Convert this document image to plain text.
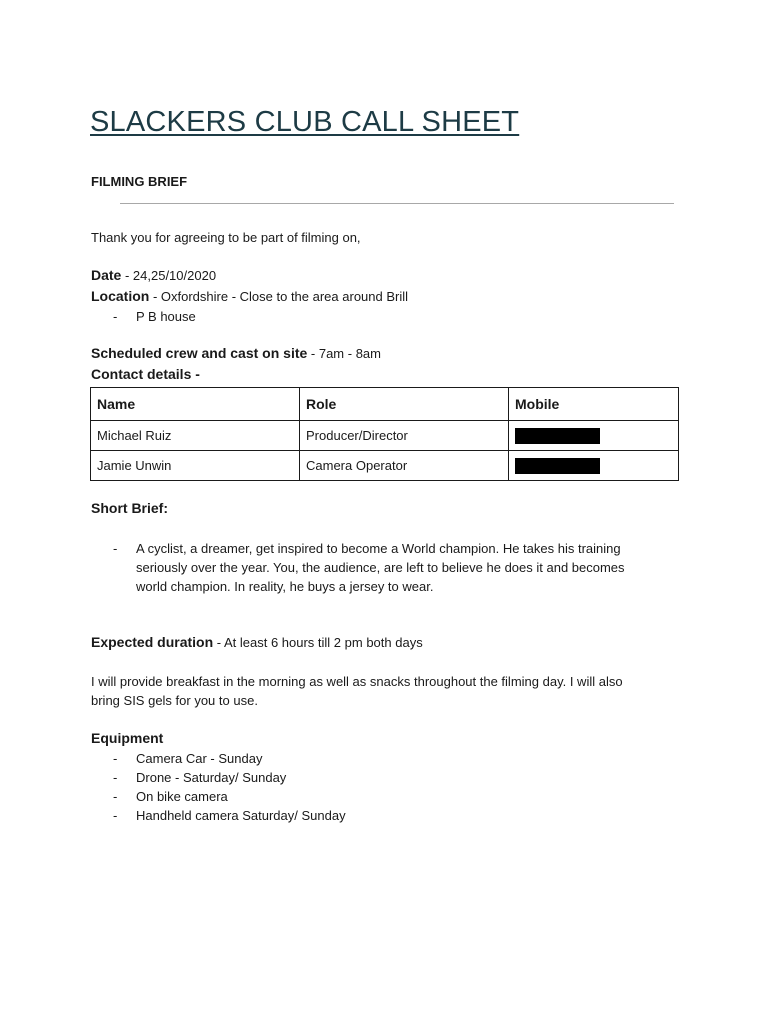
SLACKERS CLUB CALL SHEET
FILMING BRIEF
Thank you for agreeing to be part of filming on,
Date - 24,25/10/2020
Location - Oxfordshire - Close to the area around Brill
- P B house
Scheduled crew and cast on site - 7am - 8am
Contact details -
Name	Role	Mobile
Michael Ruiz	Producer/Director	
Jamie Unwin	Camera Operator	
Short Brief:
- A cyclist, a dreamer, get inspired to become a World champion. He takes his training
seriously over the year. You, the audience, are left to believe he does it and becomes
world champion. In reality, he buys a jersey to wear.
Expected duration - At least 6 hours till 2 pm both days
I will provide breakfast in the morning as well as snacks throughout the filming day. I will also
bring SIS gels for you to use.
Equipment
- Camera Car - Sunday
- Drone - Saturday/ Sunday
- On bike camera
- Handheld camera Saturday/ Sunday
